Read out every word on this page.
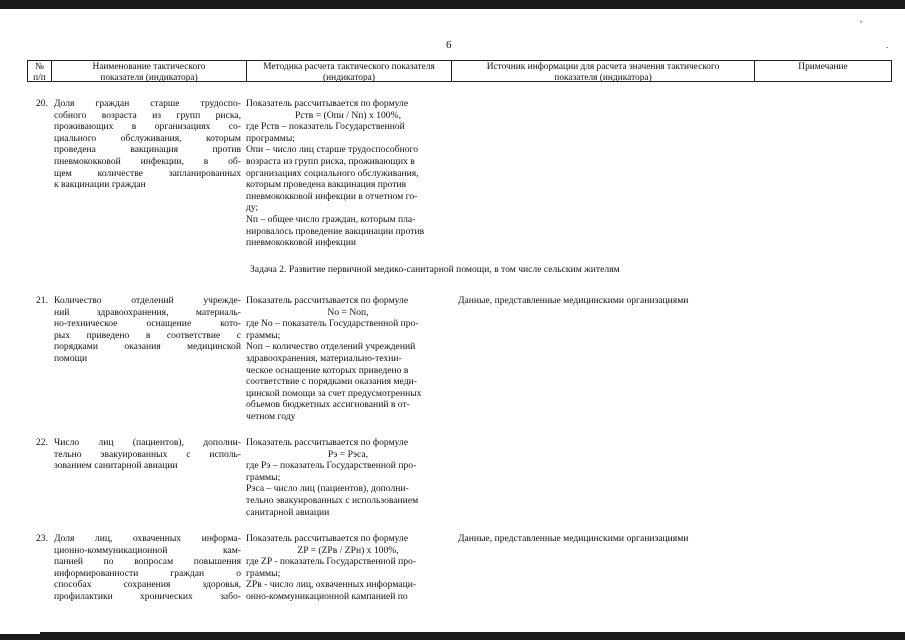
6
,
.
№
п/п
Наименование тактического
показателя (индикатора)
Методика расчета тактического показателя
(индикатора)
Источник информации для расчета значения тактического
показателя (индикатора)
Примечание
20. Доля граждан старше трудоспо-
собного возраста из групп риска,
проживающих в организациях со-
циального обслуживания, которым
проведена вакцинация против
пневмококковой инфекции, в об-
щем количестве запланированных
к вакцинации граждан
Показатель рассчитывается по формуле
Pств = (Oпи / Nп) х 100%,
где Pств – показатель Государственной
программы;
Oпи – число лиц старше трудоспособного
возраста из групп риска, проживающих в
организациях социального обслуживания,
которым проведена вакцинация против
пневмококковой инфекции в отчетном го-
ду;
Nп – общее число граждан, которым пла-
нировалось проведение вакцинации против
пневмококковой инфекции
Задача 2. Развитие первичной медико-санитарной помощи, в том числе сельским жителям
21. Количество отделений учрежде-
ний здравоохранения, материаль-
но-техническое оснащение кото-
рых приведено в соответствие с
порядками оказания медицинской
помощи
Показатель рассчитывается по формуле
No = Nоп,
где No – показатель Государственной про-
граммы;
Nоп – количество отделений учреждений
здравоохранения, материально-техни-
ческое оснащение которых приведено в
соответствие с порядками оказания меди-
цинской помощи за счет предусмотренных
объемов бюджетных ассигнований в от-
четном году
Данные, представленные медицинскими организациями
22. Число лиц (пациентов), дополни-
тельно эвакуированных с исполь-
зованием санитарной авиации
Показатель рассчитывается по формуле
Pэ = Pэса,
где Pэ – показатель Государственной про-
граммы;
Pэса – число лиц (пациентов), дополни-
тельно эвакуированных с использованием
санитарной авиации
23. Доля лиц, охваченных информа-
ционно-коммуникационной кам-
панией по вопросам повышения
информированности граждан о
способах сохранения здоровья,
профилактики хронических забо-
Показатель рассчитывается по формуле
ZP = (ZPв / ZPн) х 100%,
где ZP - показатель Государственной про-
граммы;
ZPв - число лиц, охваченных информаци-
онно-коммуникационной кампанией по
Данные, представленные медицинскими организациями
